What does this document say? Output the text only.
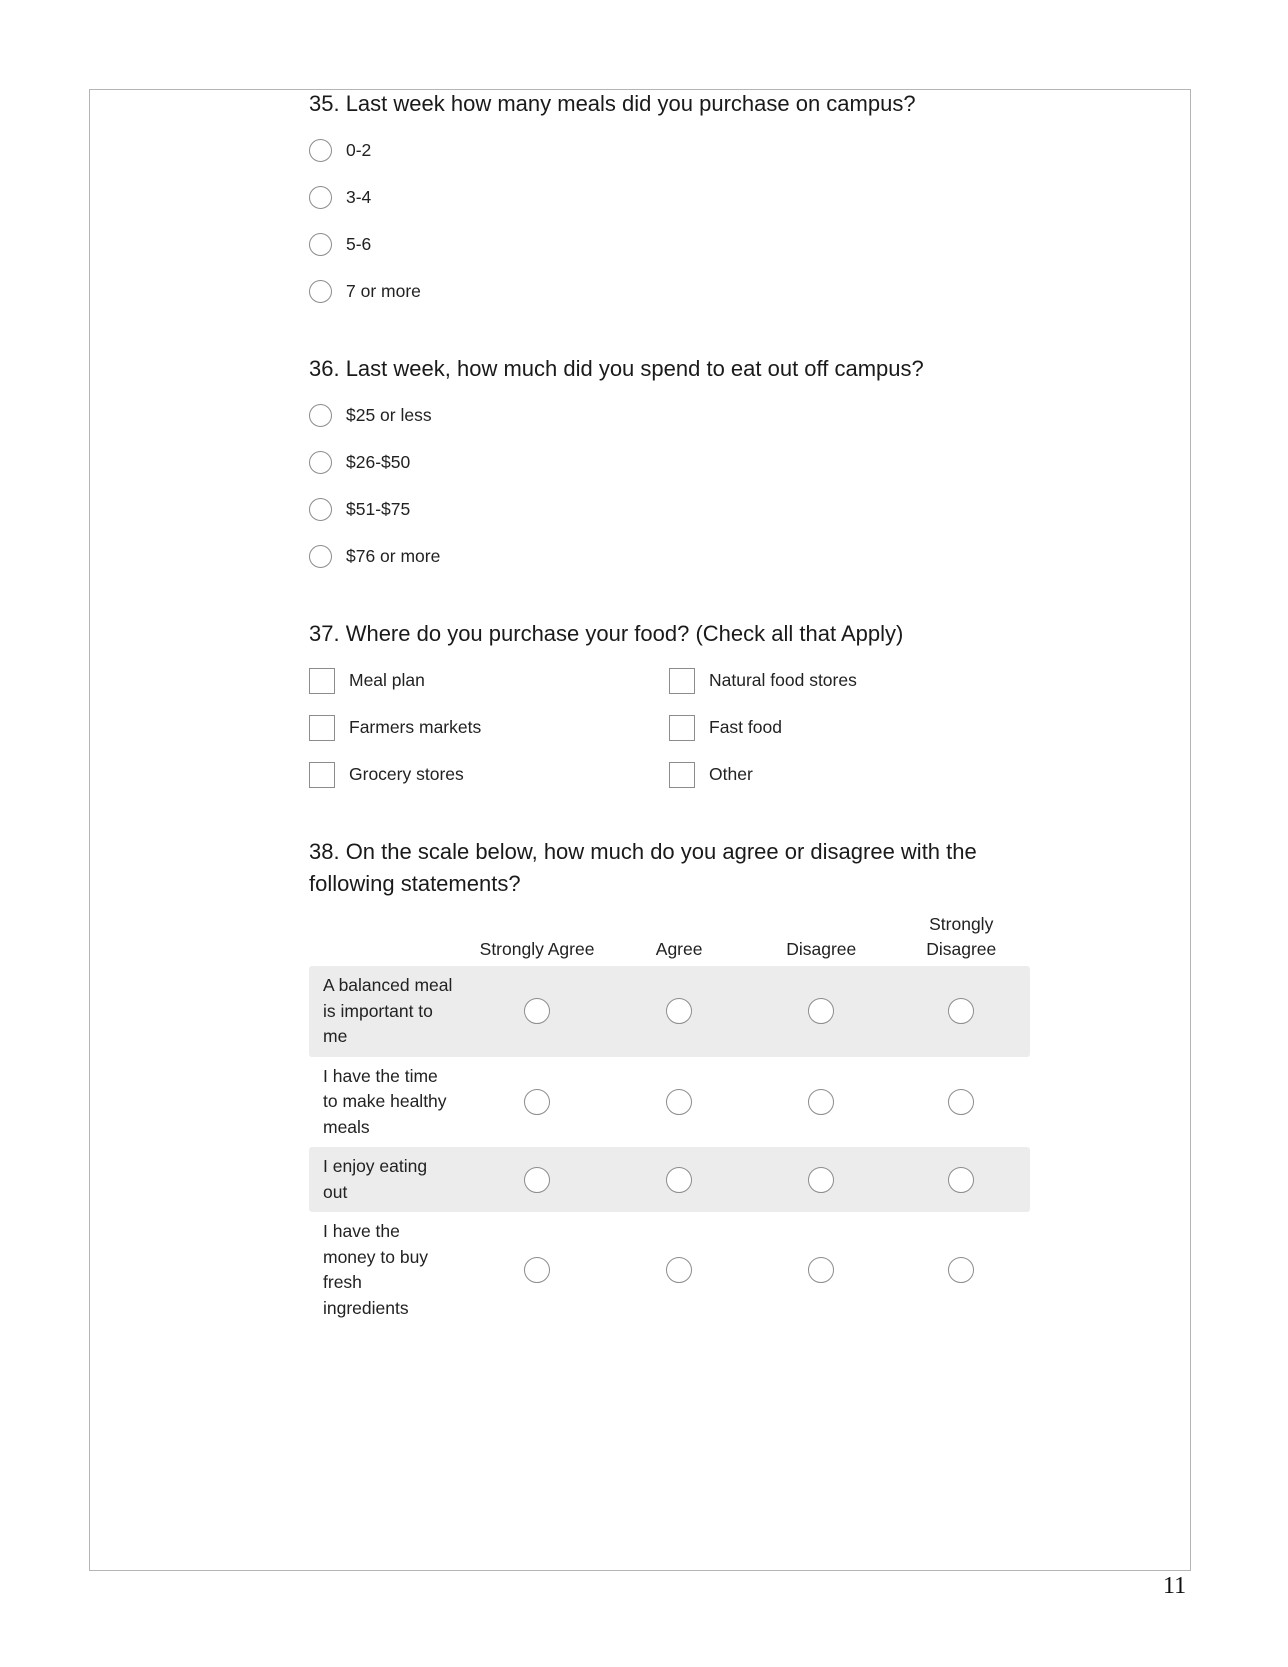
35. Last week how many meals did you purchase on campus?

0-2
3-4
5-6
7 or more

36. Last week, how much did you spend to eat out off campus?

$25 or less
$26-$50
$51-$75
$76 or more

37. Where do you purchase your food? (Check all that Apply)

Meal plan	Natural food stores
Farmers markets	Fast food
Grocery stores	Other

38. On the scale below, how much do you agree or disagree with the
following statements?

	Strongly Agree	Agree	Disagree	Strongly
Disagree
A balanced meal
is important to
me				
I have the time
to make healthy
meals				
I enjoy eating
out				
I have the
money to buy
fresh
ingredients				
11
